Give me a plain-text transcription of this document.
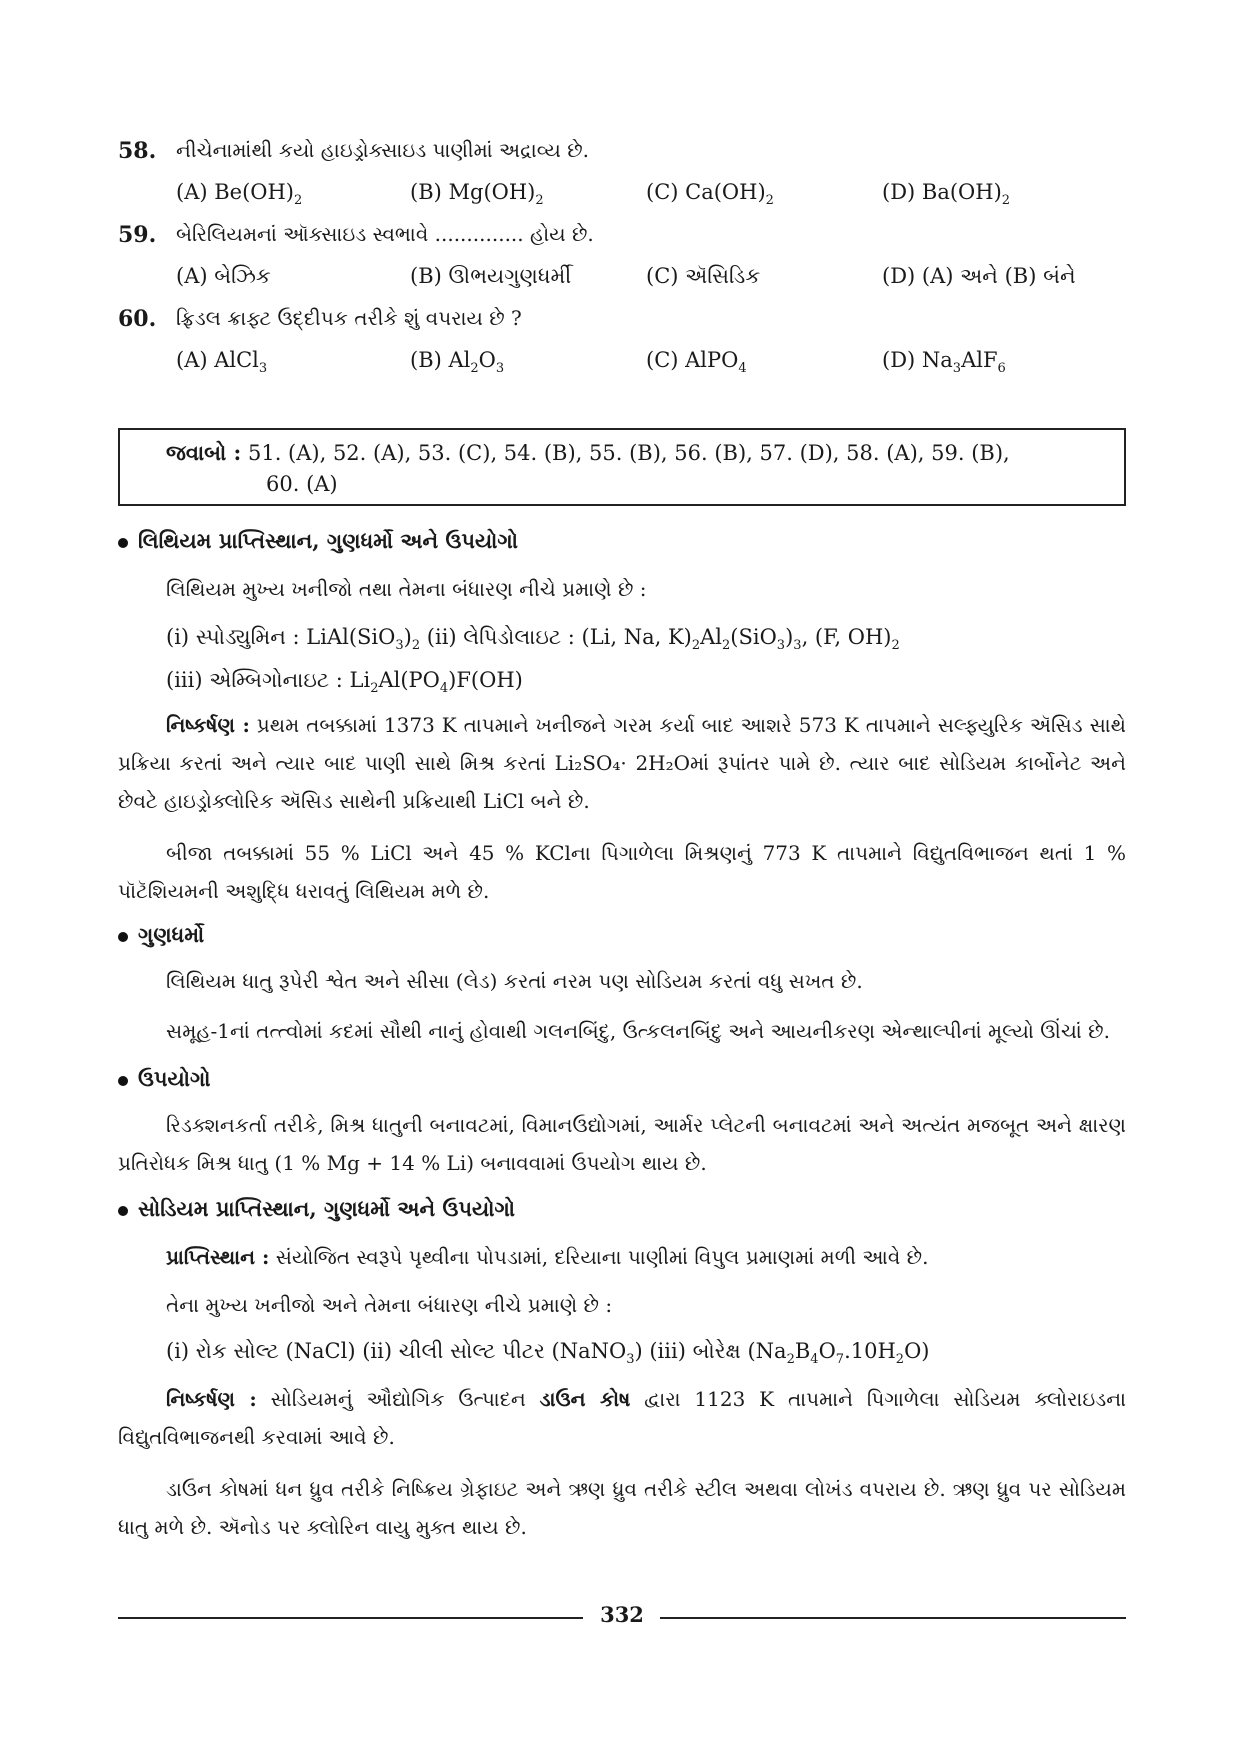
58. નીચેનામાંથી કયો હાઇડ્રોક્સાઇડ પાણીમાં અદ્રાવ્ય છે.
(A) $Be(OH)_2$	(B) $Mg(OH)_2$	(C) $Ca(OH)_2$	(D) $Ba(OH)_2$
59. બેરિલિયમનાં ઑક્સાઇડ સ્વભાવે .............. હોય છે.
(A) બેઝિક	(B) ઊભયગુણધર્મી	(C) ઍસિડિક	(D) (A) અને (B) બંને
60. ફ્રિડલ ક્રાફ્ટ ઉદ્દીપક તરીકે શું વપરાય છે ?
(A) AlCl$_3$	(B) $Al_2O_3$	(C) AlPO$_4$	(D) $Na_3AlF_6$
જવાબો : 51. (A), 52. (A), 53. (C), 54. (B), 55. (B), 56. (B), 57. (D), 58. (A), 59. (B),
60. (A)
લિથિયમ પ્રાપ્તિસ્થાન, ગુણધર્મો અને ઉપયોગો
લિથિયમ મુખ્ય ખનીજો તથા તેમના બંધારણ નીચે પ્રમાણે છે :
(i) સ્પોડ્યુમિન : $LiAl(SiO_3)_2$ (ii) લેપિડોલાઇટ : (Li, Na, $K)_2Al_2(SiO_3)_3$, (F, $OH)_2$
(iii) એમ્બિગોનાઇટ : $Li_2Al(PO_4)F(OH)$
નિષ્કર્ષણ : પ્રથમ તબક્કામાં 1373 K તાપમાને ખનીજને ગરમ કર્યા બાદ આશરે 573 K તાપમાને સલ્ફ્યુરિક ઍસિડ સાથે પ્રક્રિયા કરતાં અને ત્યાર બાદ પાણી સાથે મિશ્ર કરતાં Li₂SO₄· 2H₂Oમાં રૂપાંતર પામે છે. ત્યાર બાદ સોડિયમ કાર્બોનેટ અને છેવટે હાઇડ્રોક્લોરિક ઍસિડ સાથેની પ્રક્રિયાથી LiCl બને છે.
બીજા તબક્કામાં 55 % LiCl અને 45 % KClના પિગાળેલા મિશ્રણનું 773 K તાપમાને વિદ્યુતવિભાજન થતાં 1 % પૉટૅશિયમની અશુદ્ધિ ધરાવતું લિથિયમ મળે છે.
ગુણધર્મો
લિથિયમ ધાતુ રૂપેરી શ્વેત અને સીસા (લેડ) કરતાં નરમ પણ સોડિયમ કરતાં વધુ સખત છે.
સમૂહ-1નાં તત્ત્વોમાં કદમાં સૌથી નાનું હોવાથી ગલનબિંદુ, ઉત્કલનબિંદુ અને આયનીકરણ એન્થાલ્પીનાં મૂલ્યો ઊંચાં છે.
ઉપયોગો
રિડક્શનકર્તા તરીકે, મિશ્ર ધાતુની બનાવટમાં, વિમાનઉદ્યોગમાં, આર્મર પ્લેટની બનાવટમાં અને અત્યંત મજબૂત અને ક્ષારણ પ્રતિરોધક મિશ્ર ધાતુ (1 % Mg + 14 % Li) બનાવવામાં ઉપયોગ થાય છે.
સોડિયમ પ્રાપ્તિસ્થાન, ગુણધર્મો અને ઉપયોગો
પ્રાપ્તિસ્થાન : સંયોજિત સ્વરૂપે પૃથ્વીના પોપડામાં, દરિયાના પાણીમાં વિપુલ પ્રમાણમાં મળી આવે છે.
તેના મુખ્ય ખનીજો અને તેમના બંધારણ નીચે પ્રમાણે છે :
(i) રોક સોલ્ટ (NaCl) (ii) ચીલી સોલ્ટ પીટર (NaNO$_3$) (iii) બોરેક્ષ $(Na_2B_4O_7.10H_2O)$
નિષ્કર્ષણ : સોડિયમનું ઔદ્યોગિક ઉત્પાદન ડાઉન કોષ દ્વારા 1123 K તાપમાને પિગાળેલા સોડિયમ ક્લોરાઇડના વિદ્યુતવિભાજનથી કરવામાં આવે છે.
ડાઉન કોષમાં ધન ધ્રુવ તરીકે નિષ્ક્રિય ગ્રેફાઇટ અને ઋણ ધ્રુવ તરીકે સ્ટીલ અથવા લોખંડ વપરાય છે. ઋણ ધ્રુવ પર સોડિયમ ધાતુ મળે છે. ઍનોડ પર ક્લોરિન વાયુ મુક્ત થાય છે.
332
